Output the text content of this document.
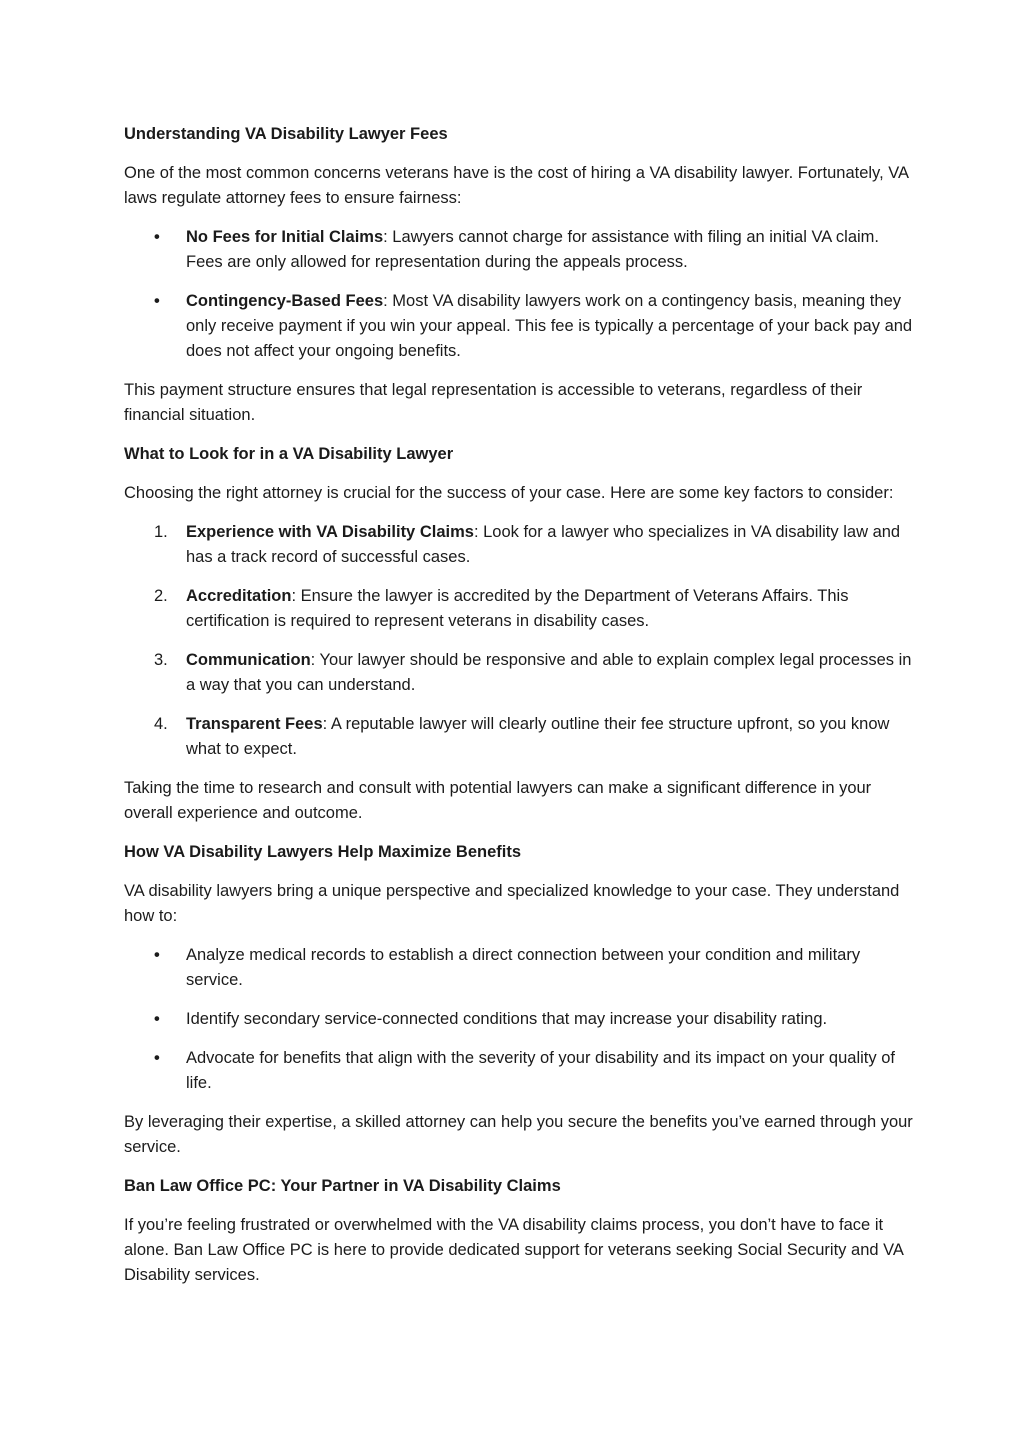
Understanding VA Disability Lawyer Fees

One of the most common concerns veterans have is the cost of hiring a VA disability lawyer. Fortunately, VA laws regulate attorney fees to ensure fairness:

• No Fees for Initial Claims: Lawyers cannot charge for assistance with filing an initial VA claim. Fees are only allowed for representation during the appeals process.
• Contingency-Based Fees: Most VA disability lawyers work on a contingency basis, meaning they only receive payment if you win your appeal. This fee is typically a percentage of your back pay and does not affect your ongoing benefits.

This payment structure ensures that legal representation is accessible to veterans, regardless of their financial situation.

What to Look for in a VA Disability Lawyer

Choosing the right attorney is crucial for the success of your case. Here are some key factors to consider:

1.	Experience with VA Disability Claims: Look for a lawyer who specializes in VA disability law and has a track record of successful cases.
2.	Accreditation: Ensure the lawyer is accredited by the Department of Veterans Affairs. This certification is required to represent veterans in disability cases.
3.	Communication: Your lawyer should be responsive and able to explain complex legal processes in a way that you can understand.
4.	Transparent Fees: A reputable lawyer will clearly outline their fee structure upfront, so you know what to expect.

Taking the time to research and consult with potential lawyers can make a significant difference in your overall experience and outcome.

How VA Disability Lawyers Help Maximize Benefits

VA disability lawyers bring a unique perspective and specialized knowledge to your case. They understand how to:

• Analyze medical records to establish a direct connection between your condition and military service.
• Identify secondary service-connected conditions that may increase your disability rating.
• Advocate for benefits that align with the severity of your disability and its impact on your quality of life.

By leveraging their expertise, a skilled attorney can help you secure the benefits you’ve earned through your service.

Ban Law Office PC: Your Partner in VA Disability Claims

If you’re feeling frustrated or overwhelmed with the VA disability claims process, you don’t have to face it alone. Ban Law Office PC is here to provide dedicated support for veterans seeking Social Security and VA Disability services.
